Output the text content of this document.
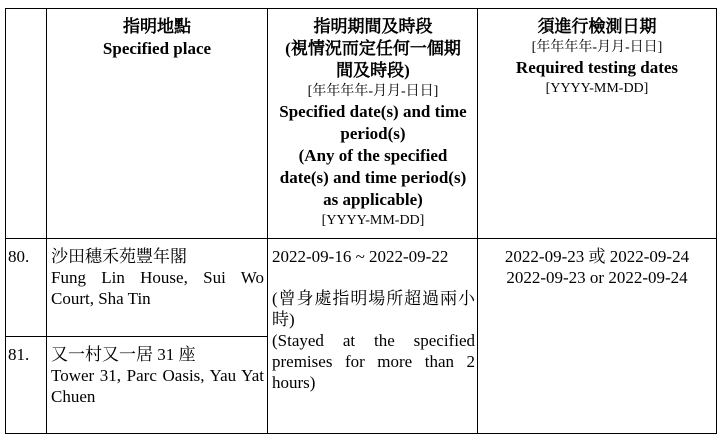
指明地點
Specified place
指明期間及時段
(視情況而定任何一個期間及時段)
[年年年年-月月-日日]
Specified date(s) and time period(s)
(Any of the specified date(s) and time period(s) as applicable)
[YYYY-MM-DD]
須進行檢測日期
[年年年年-月月-日日]
Required testing dates
[YYYY-MM-DD]
80.	沙田穗禾苑豐年閣
Fung Lin House, Sui Wo Court, Sha Tin
81.	又一村又一居 31 座
Tower 31, Parc Oasis, Yau Yat Chuen
2022-09-16 ~ 2022-09-22
(曾身處指明場所超過兩小時)
(Stayed at the specified premises for more than 2 hours)
2022-09-23 或 2022-09-24
2022-09-23 or 2022-09-24
